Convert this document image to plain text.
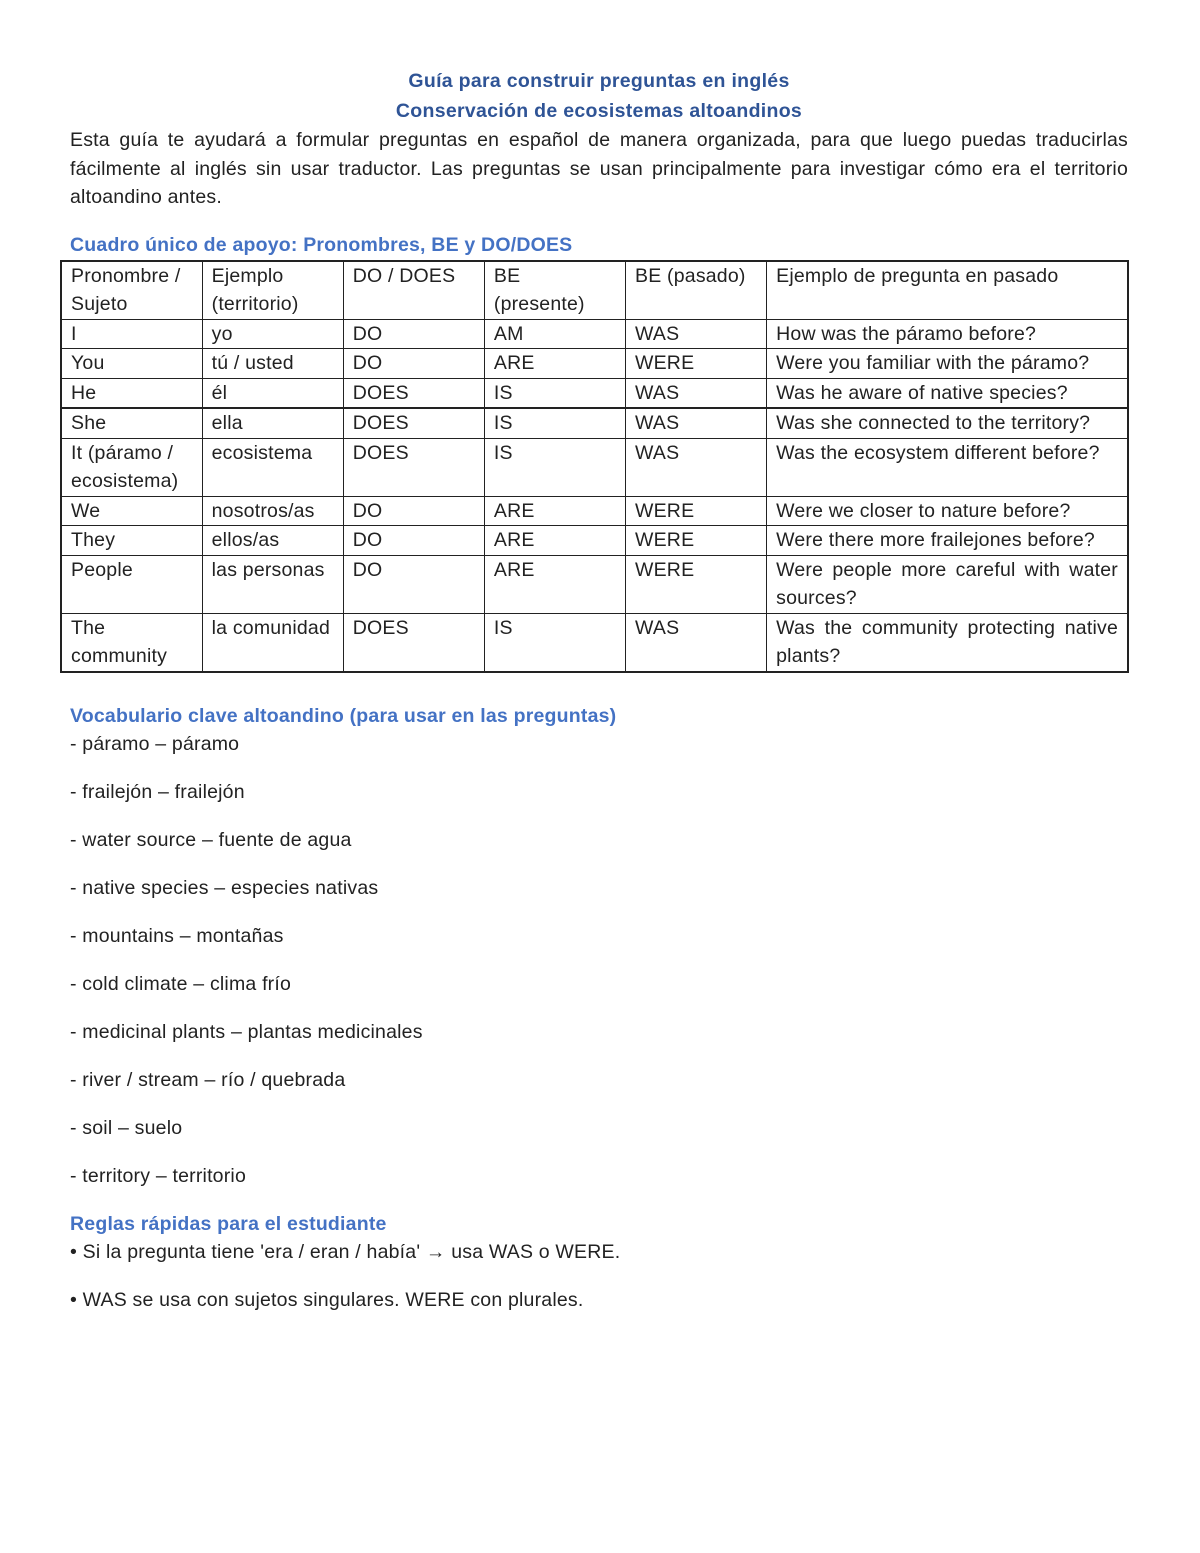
Guía para construir preguntas en inglés
Conservación de ecosistemas altoandinos
Esta guía te ayudará a formular preguntas en español de manera organizada, para que luego puedas traducirlas fácilmente al inglés sin usar traductor. Las preguntas se usan principalmente para investigar cómo era el territorio altoandino antes.
Cuadro único de apoyo: Pronombres, BE y DO/DOES
Pronombre / Sujeto	Ejemplo (territorio)	DO / DOES	BE (presente)	BE (pasado)	Ejemplo de pregunta en pasado
I	yo	DO	AM	WAS	How was the páramo before?
You	tú / usted	DO	ARE	WERE	Were you familiar with the páramo?
He	él	DOES	IS	WAS	Was he aware of native species?
She	ella	DOES	IS	WAS	Was she connected to the territory?
It (páramo / ecosistema)	ecosistema	DOES	IS	WAS	Was the ecosystem different before?
We	nosotros/as	DO	ARE	WERE	Were we closer to nature before?
They	ellos/as	DO	ARE	WERE	Were there more frailejones before?
People	las personas	DO	ARE	WERE	Were people more careful with water sources?
The community	la comunidad	DOES	IS	WAS	Was the community protecting native plants?
Vocabulario clave altoandino (para usar en las preguntas)
- páramo – páramo
- frailejón – frailejón
- water source – fuente de agua
- native species – especies nativas
- mountains – montañas
- cold climate – clima frío
- medicinal plants – plantas medicinales
- river / stream – río / quebrada
- soil – suelo
- territory – territorio
Reglas rápidas para el estudiante
• Si la pregunta tiene 'era / eran / había' → usa WAS o WERE.
• WAS se usa con sujetos singulares. WERE con plurales.
